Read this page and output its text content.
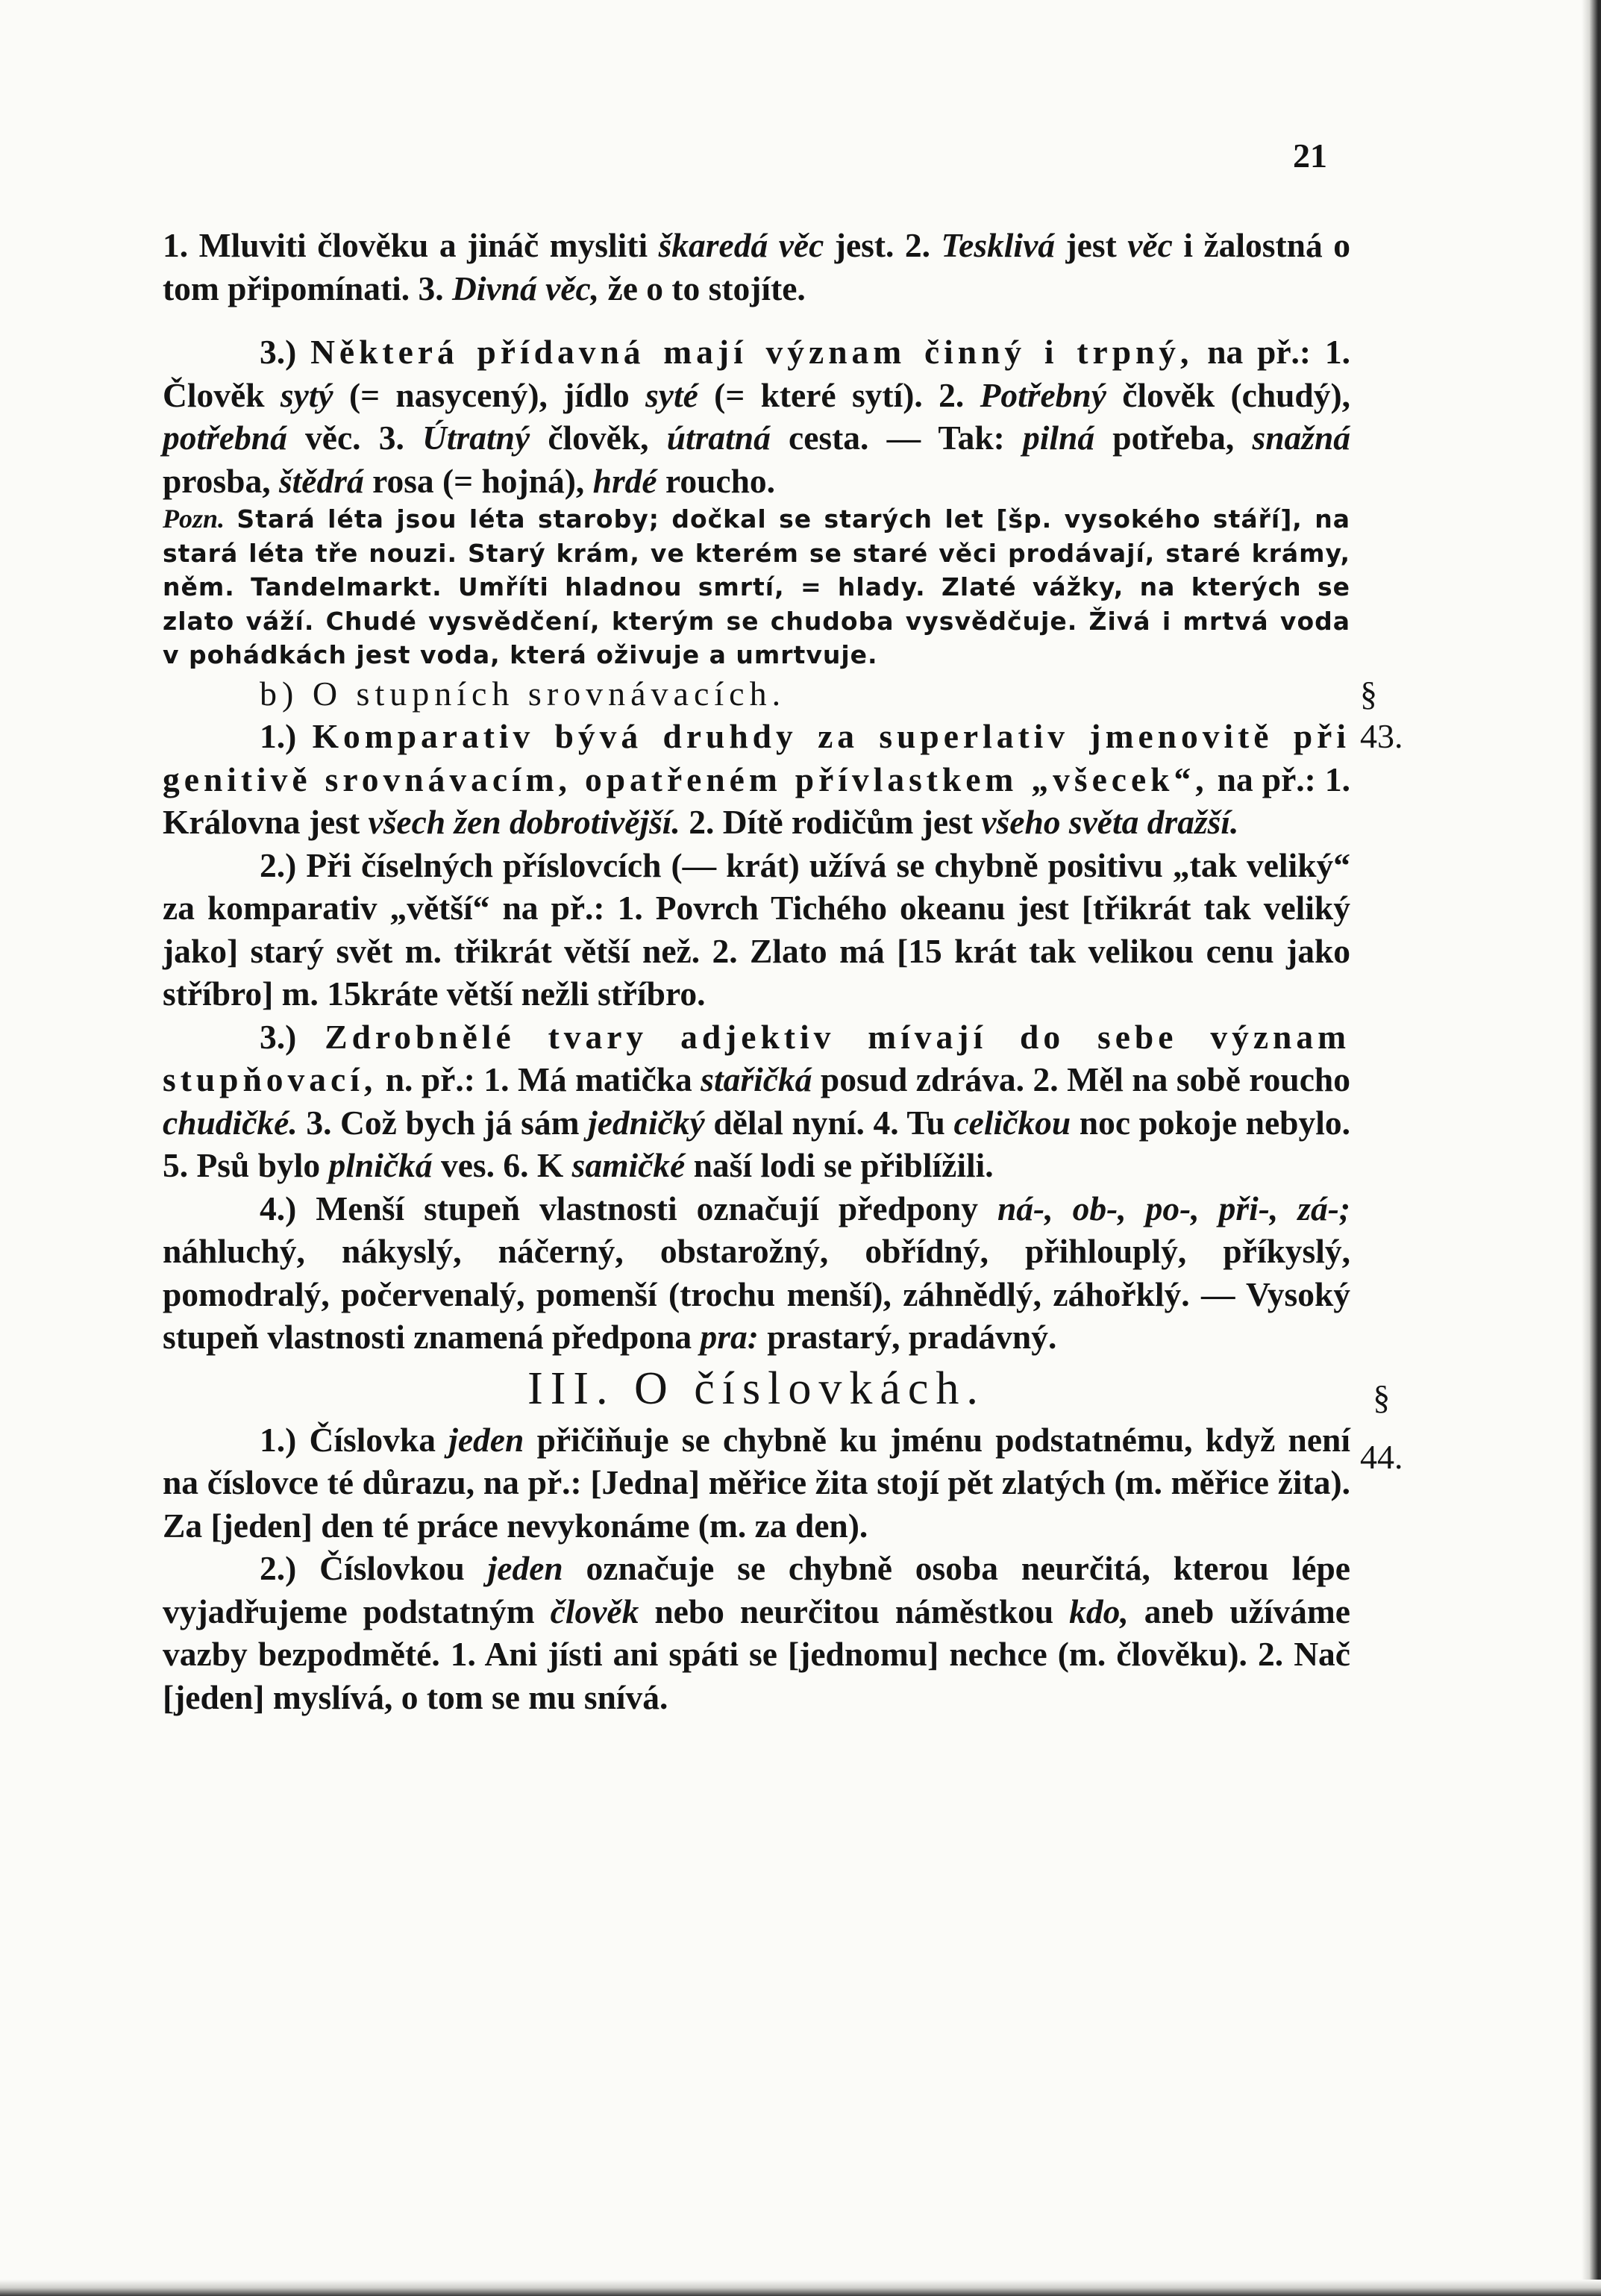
21

1. Mluviti člověku a jináč mysliti škaredá věc jest. 2. Tesklivá jest věc i žalostná o tom připomínati. 3. Divná věc, že o to stojíte.

3.) Některá přídavná mají význam činný i trpný, na př.: 1. Člověk sytý (= nasycený), jídlo syté (= které sytí). 2. Potřebný člověk (chudý), potřebná věc. 3. Útratný člověk, útratná cesta. — Tak: pilná potřeba, snažná prosba, štědrá rosa (= hojná), hrdé roucho.

Pozn. Stará léta jsou léta staroby; dočkal se starých let [šp. vysokého stáří], na stará léta tře nouzi. Starý krám, ve kterém se staré věci prodávají, staré krámy, něm. Tandelmarkt. Umříti hladnou smrtí, = hlady. Zlaté vážky, na kterých se zlato váží. Chudé vysvědčení, kterým se chudoba vysvědčuje. Živá i mrtvá voda v pohádkách jest voda, která oživuje a umrtvuje.

b) O stupních srovnávacích.	§ 43.

1.) Komparativ bývá druhdy za superlativ jmenovitě při genitivě srovnávacím, opatřeném přívlastkem „všecek“, na př.: 1. Královna jest všech žen dobrotivější. 2. Dítě rodičům jest všeho světa dražší.

2.) Při číselných příslovcích (— krát) užívá se chybně positivu „tak veliký“ za komparativ „větší“ na př.: 1. Povrch Tichého okeanu jest [třikrát tak veliký jako] starý svět m. třikrát větší než. 2. Zlato má [15 krát tak velikou cenu jako stříbro] m. 15kráte větší nežli stříbro.

3.) Zdrobnělé tvary adjektiv mívají do sebe význam stupňovací, n. př.: 1. Má matička stařičká posud zdráva. 2. Měl na sobě roucho chudičké. 3. Což bych já sám jedničký dělal nyní. 4. Tu celičkou noc pokoje nebylo. 5. Psů bylo plničká ves. 6. K samičké naší lodi se přiblížili.

4.) Menší stupeň vlastnosti označují předpony ná-, ob-, po-, při-, zá-; náhluchý, nákyslý, náčerný, obstarožný, obřídný, přihlouplý, příkyslý, pomodralý, počervenalý, pomenší (trochu menší), záhnědlý, záhořklý. — Vysoký stupeň vlastnosti znamená předpona pra: prastarý, pradávný.

III. O číslovkách.	§ 44.

1.) Číslovka jeden přičiňuje se chybně ku jménu podstatnému, když není na číslovce té důrazu, na př.: [Jedna] měřice žita stojí pět zlatých (m. měřice žita). Za [jeden] den té práce nevykonáme (m. za den).

2.) Číslovkou jeden označuje se chybně osoba neurčitá, kterou lépe vyjadřujeme podstatným člověk nebo neurčitou náměstkou kdo, aneb užíváme vazby bezpodměté. 1. Ani jísti ani spáti se [jednomu] nechce (m. člověku). 2. Nač [jeden] myslívá, o tom se mu snívá.
